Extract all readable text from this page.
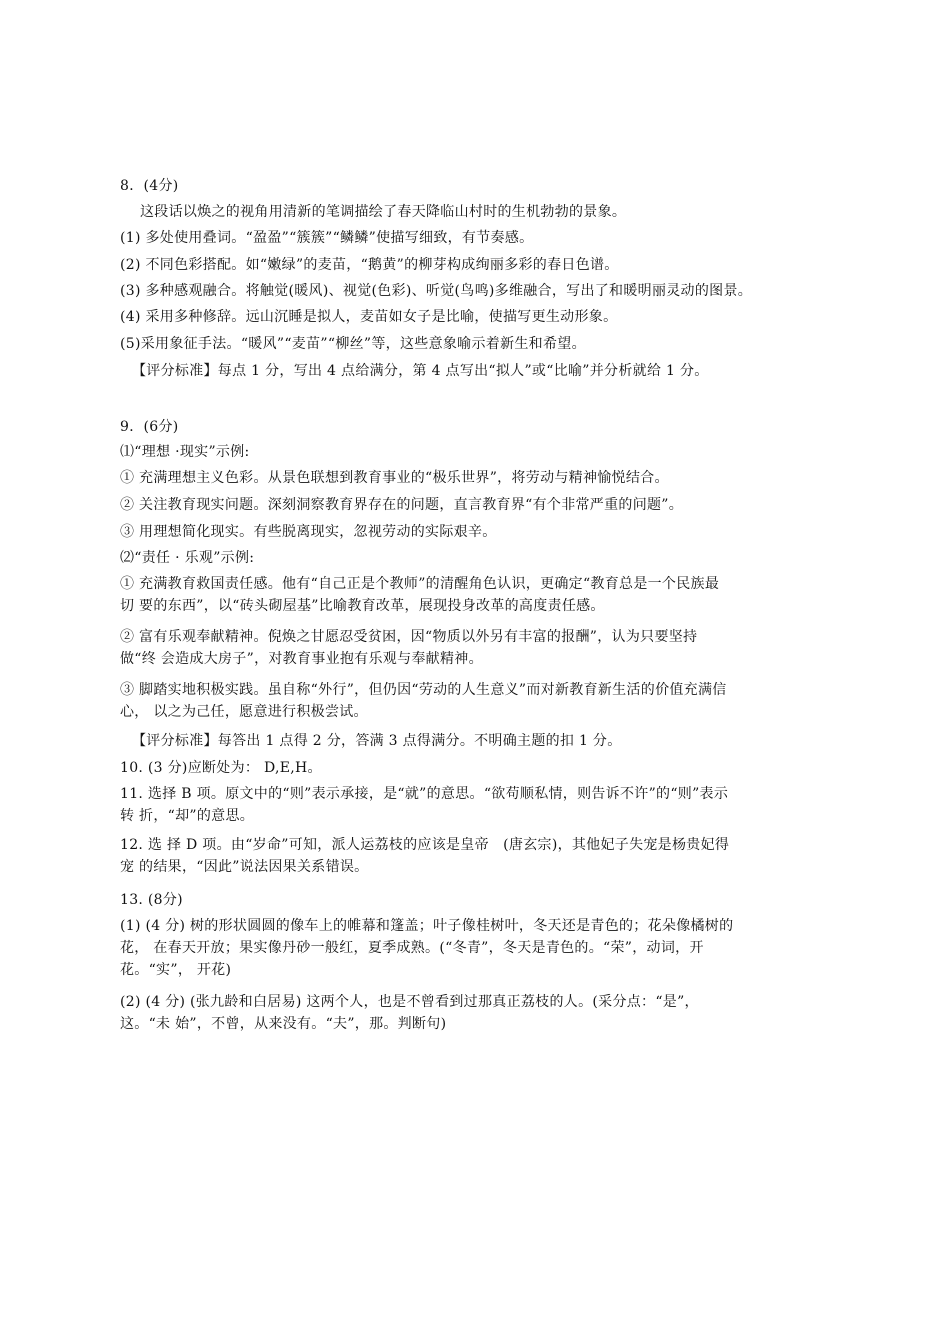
8．(4分)
这段话以焕之的视角用清新的笔调描绘了春天降临山村时的生机勃勃的景象。
(1) 多处使用叠词。“盈盈”“簇簇”“鳞鳞”使描写细致，有节奏感。
(2) 不同色彩搭配。如“嫩绿”的麦苗，“鹅黄”的柳芽构成绚丽多彩的春日色谱。
(3) 多种感观融合。将触觉(暖风)、视觉(色彩)、听觉(鸟鸣)多维融合，写出了和暖明丽灵动的图景。
(4) 采用多种修辞。远山沉睡是拟人，麦苗如女子是比喻，使描写更生动形象。
(5)采用象征手法。“暖风”“麦苗”“柳丝”等，这些意象喻示着新生和希望。
【评分标准】每点 1 分，写出 4 点给满分，第 4 点写出“拟人”或“比喻”并分析就给 1 分。
9．(6分)
⑴“理想 ·现实”示例:
① 充满理想主义色彩。从景色联想到教育事业的“极乐世界”，将劳动与精神愉悦结合。
② 关注教育现实问题。深刻洞察教育界存在的问题，直言教育界“有个非常严重的问题”。
③ 用理想简化现实。有些脱离现实，忽视劳动的实际艰辛。
⑵“责任 · 乐观”示例:
① 充满教育救国责任感。他有“自己正是个教师”的清醒角色认识，更确定“教育总是一个民族最
切 要的东西”，以“砖头砌屋基”比喻教育改革，展现投身改革的高度责任感。
② 富有乐观奉献精神。倪焕之甘愿忍受贫困，因“物质以外另有丰富的报酬”，认为只要坚持
做“终 会造成大房子”，对教育事业抱有乐观与奉献精神。
③ 脚踏实地积极实践。虽自称“外行”，但仍因“劳动的人生意义”而对新教育新生活的价值充满信
心， 以之为己任，愿意进行积极尝试。
【评分标准】每答出 1 点得 2 分，答满 3 点得满分。不明确主题的扣 1 分。
10. (3 分)应断处为： D,E,H。
11. 选择 B 项。原文中的“则”表示承接，是“就”的意思。“欲苟顺私情，则告诉不许”的“则”表示
转 折，“却”的意思。
12. 选 择 D 项。由“岁命”可知，派人运荔枝的应该是皇帝   (唐玄宗)，其他妃子失宠是杨贵妃得
宠 的结果，“因此”说法因果关系错误。
13. (8分)
(1) (4 分) 树的形状圆圆的像车上的帷幕和篷盖；叶子像桂树叶，冬天还是青色的；花朵像橘树的
花， 在春天开放；果实像丹砂一般红，夏季成熟。(“冬青”，冬天是青色的。“荣”，动词，开
花。“实”， 开花)
(2) (4 分) (张九龄和白居易) 这两个人，也是不曾看到过那真正荔枝的人。(采分点：“是”，
这。“未 始”，不曾，从来没有。“夫”，那。判断句)
